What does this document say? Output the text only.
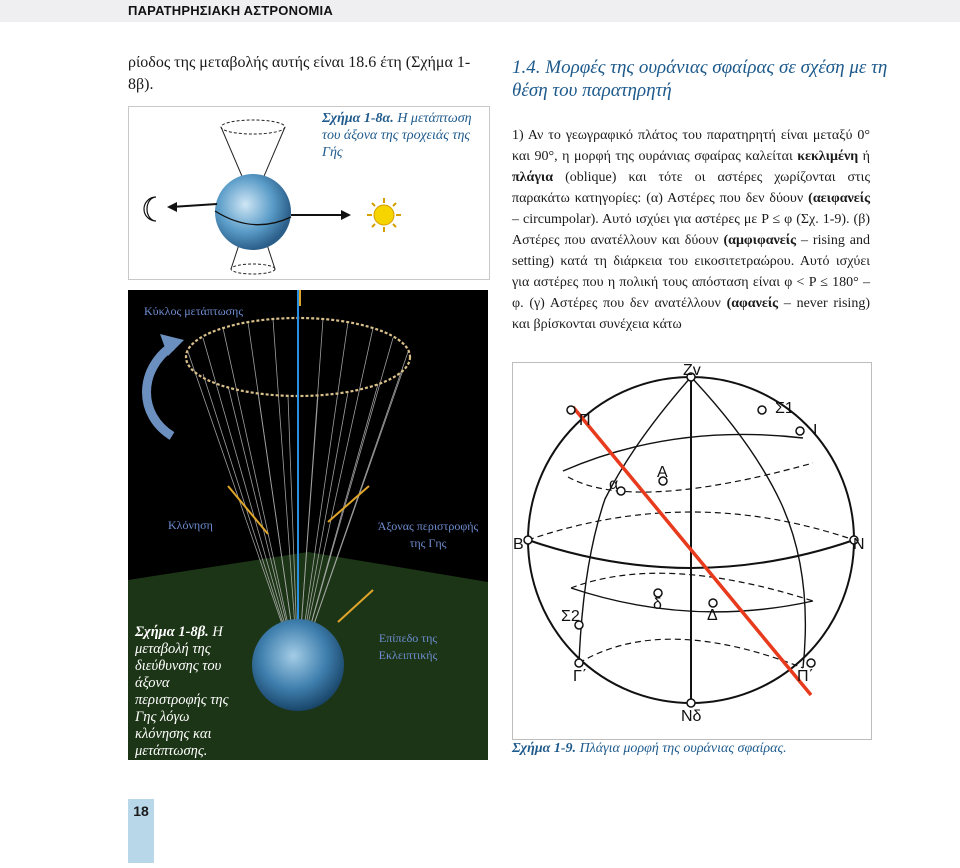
ΠΑΡΑΤΗΡΗΣΙΑΚΗ ΑΣΤΡΟΝΟΜΙΑ
ρίοδος της μεταβολής αυτής είναι 18.6 έτη (Σχήμα 1-8β).
Σχήμα 1-8α. Η μετάπτωση του άξονα της τροχειάς της Γής
Κύκλος μετάπτωσης
Κλόνηση	Άξονας περιστροφής της Γης
Επίπεδο της Εκλειπτικής
Σχήμα 1-8β. Η μεταβολή της διεύθυνσης του άξονα περιστροφής της Γης λόγω κλόνησης και μετάπτωσης.
1.4. Μορφές της ουράνιας σφαίρας σε σχέση με τη θέση του παρατηρητή
1) Αν το γεωγραφικό πλάτος του παρατηρητή είναι μεταξύ 0° και 90°, η μορφή της ουράνιας σφαίρας καλείται κεκλιμένη ή πλάγια (oblique) και τότε οι αστέρες χωρίζονται στις παρακάτω κατηγορίες: (α) Αστέρες που δεν δύουν (αειφανείς – circumpolar). Αυτό ισχύει για αστέρες με P ≤ φ (Σχ. 1-9). (β) Αστέρες που ανατέλλουν και δύουν (αμφιφανείς – rising and setting) κατά τη διάρκεια του εικοσιτετραώρου. Αυτό ισχύει για αστέρες που η πολική τους απόσταση είναι φ < P ≤ 180° – φ. (γ) Αστέρες που δεν ανατέλλουν (αφανείς – never rising) και βρίσκονται συνέχεια κάτω
Zv
Π
Σ1
Ι
α
Α
Β	Ν
δ
Δ
Σ2
Γ΄	Π΄
Νδ
Σχήμα 1-9. Πλάγια μορφή της ουράνιας σφαίρας.
18
